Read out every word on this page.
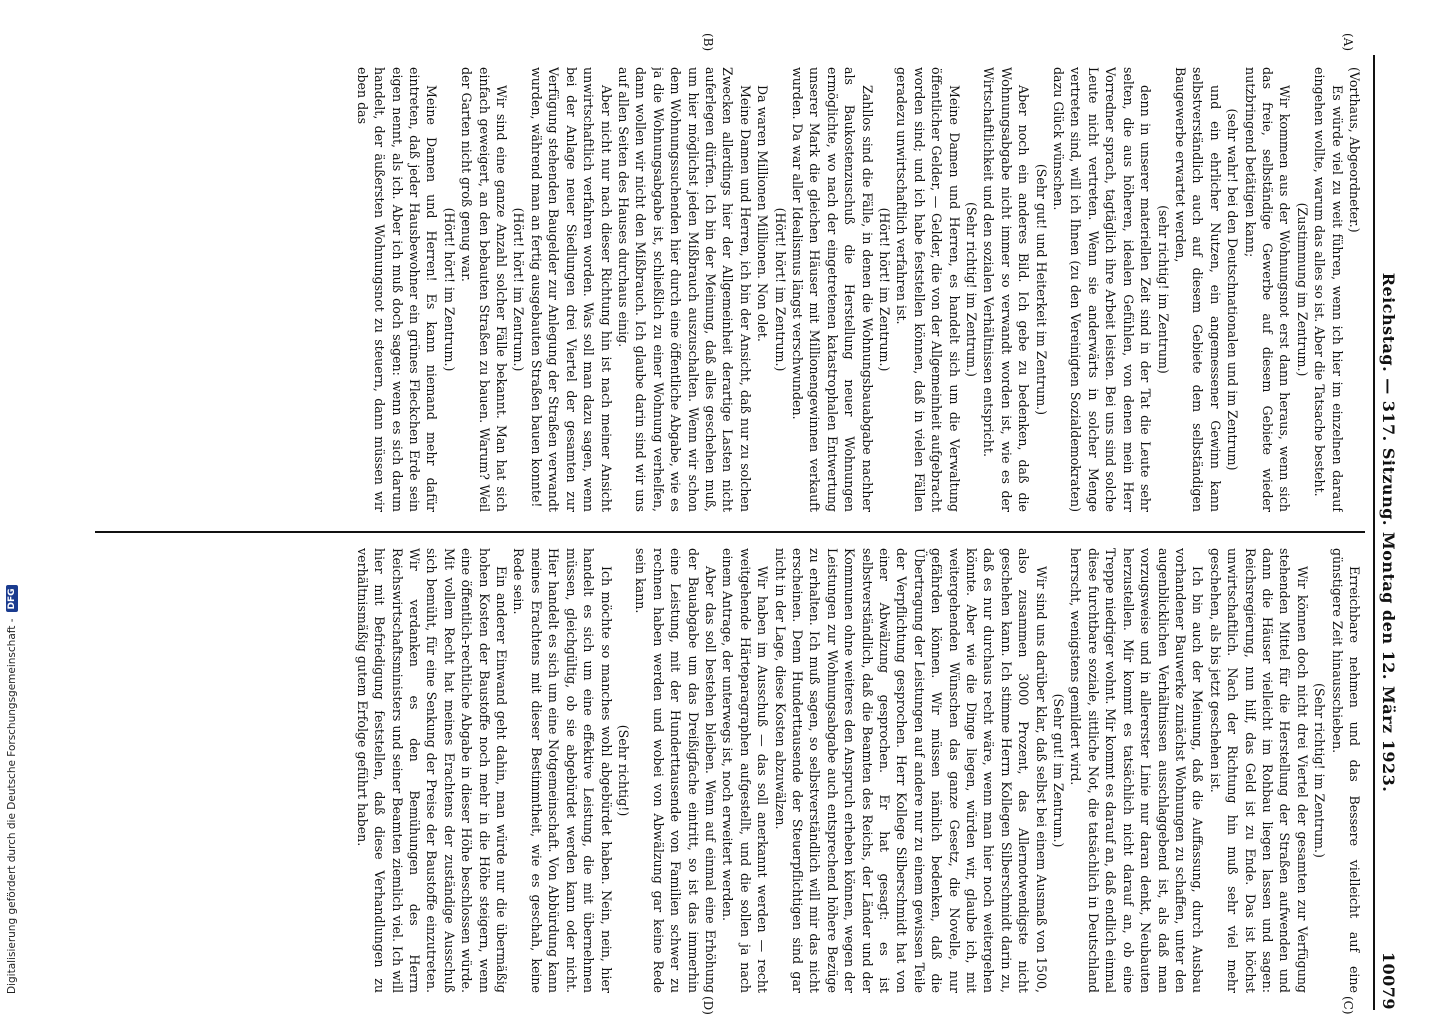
Reichstag. — 317. Sitzung. Montag den 12. März 1923.
10079
(A)
(B)
(C)
(D)

(Vorthaus, Abgeordneter.)

Es würde viel zu weit führen, wenn ich hier im einzelnen darauf eingehen wollte, warum das alles so ist. Aber die Tatsache besteht.

(Zustimmung im Zentrum.)

Wir kommen aus der Wohnungsnot erst dann heraus, wenn sich das freie, selbständige Gewerbe auf diesem Gebiete wieder nutzbringend betätigen kann;

(sehr wahr! bei den Deutschnationalen und im Zentrum)

und ein ehrlicher Nutzen, ein angemessener Gewinn kann selbstverständlich auch auf diesem Gebiete dem selbständigen Baugewerbe erwartet werden,

(sehr richtig! im Zentrum)

denn in unserer materiellen Zeit sind in der Tat die Leute sehr selten, die aus höheren, idealen Gefühlen, von denen mein Herr Vorredner sprach, tagtäglich ihre Arbeit leisten. Bei uns sind solche Leute nicht vertreten. Wenn sie anderwärts in solcher Menge vertreten sind, will ich Ihnen (zu den Vereinigten Sozialdemokraten) dazu Glück wünschen.

(Sehr gut! und Heiterkeit im Zentrum.)

Aber noch ein anderes Bild. Ich gebe zu bedenken, daß die Wohnungsabgabe nicht immer so verwandt worden ist, wie es der Wirtschaftlichkeit und den sozialen Verhältnissen entspricht.

(Sehr richtig! im Zentrum.)

Meine Damen und Herren, es handelt sich um die Verwaltung öffentlicher Gelder, — Gelder, die von der Allgemeinheit aufgebracht worden sind; und ich habe feststellen können, daß in vielen Fällen geradezu unwirtschaftlich verfahren ist.

(Hört! hört! im Zentrum.)

Zahllos sind die Fälle, in denen die Wohnungsbauabgabe nachher als Baukostenzuschuß die Herstellung neuer Wohnungen ermöglichte, wo nach der eingetretenen katastrophalen Entwertung unserer Mark die gleichen Häuser mit Millionengewinnen verkauft wurden. Da war aller Idealismus längst verschwunden.

(Hört! hört! im Zentrum.)

Da waren Millionen Millionen. Non olet.

Meine Damen und Herren, ich bin der Ansicht, daß nur zu solchen Zwecken allerdings hier der Allgemeinheit derartige Lasten nicht auferlegen dürfen. Ich bin der Meinung, daß alles geschehen muß, um hier möglichst jeden Mißbrauch auszuschalten. Wenn wir schon dem Wohnungssuchenden hier durch eine öffentliche Abgabe, wie es ja die Wohnungsabgabe ist, schließlich zu einer Wohnung verhelfen, dann wollen wir nicht den Mißbrauch. Ich glaube darin sind wir uns auf allen Seiten des Hauses durchaus einig.

Aber nicht nur nach dieser Richtung hin ist nach meiner Ansicht unwirtschaftlich verfahren worden. Was soll man dazu sagen, wenn bei der Anlage neuer Siedlungen drei Viertel der gesamten zur Verfügung stehenden Baugelder zur Anlegung der Straßen verwandt wurden, während man an fertig ausgebauten Straßen bauen konnte!

(Hört! hört! im Zentrum.)

Wir sind eine ganze Anzahl solcher Fälle bekannt. Man hat sich einfach geweigert, an den bebauten Straßen zu bauen. Warum? Weil der Garten nicht groß genug war.

(Hört! hört! im Zentrum.)

Meine Damen und Herren! Es kann niemand mehr dafür eintreten, daß jeder Hausbewohner ein grünes Fleckchen Erde sein eigen nennt, als ich. Aber ich muß doch sagen: wenn es sich darum handelt, der äußersten Wohnungsnot zu steuern, dann müssen wir eben das

Erreichbare nehmen und das Bessere vielleicht auf eine günstigere Zeit hinausschieben.

(Sehr richtig! im Zentrum.)

Wir können doch nicht drei Viertel der gesamten zur Verfügung stehenden Mittel für die Herstellung der Straßen aufwenden und dann die Häuser vielleicht im Rohbau liegen lassen und sagen: Reichsregierung, nun hilf, das Geld ist zu Ende. Das ist höchst unwirtschaftlich. Nach der Richtung hin muß sehr viel mehr geschehen, als bis jetzt geschehen ist.

Ich bin auch der Meinung, daß die Auffassung, durch Ausbau vorhandener Bauwerke zunächst Wohnungen zu schaffen, unter den augenblicklichen Verhältnissen ausschlaggebend ist, als daß man vorzugsweise und in allererster Linie nur daran denkt, Neubauten herzustellen. Mir kommt es tatsächlich nicht darauf an, ob eine Treppe niedriger wohnt. Mir kommt es darauf an, daß endlich einmal diese furchtbare soziale, sittliche Not, die tatsächlich in Deutschland herrscht, wenigstens gemildert wird.

(Sehr gut! im Zentrum.)

Wir sind uns darüber klar, daß selbst bei einem Ausmaß von 1500, also zusammen 3000 Prozent, das Allernotwendigste nicht geschehen kann. Ich stimme Herrn Kollegen Silberschmidt darin zu, daß es nur durchaus recht wäre, wenn man hier noch weitergehen könnte. Aber wie die Dinge liegen, würden wir, glaube ich, mit weitergehenden Wünschen das ganze Gesetz, die Novelle, nur gefährden können. Wir müssen nämlich bedenken, daß die Übertragung der Leistungen auf andere nur zu einem gewissen Teile der Verpflichtung gesprochen. Herr Kollege Silberschmidt hat von einer Abwälzung gesprochen. Er hat gesagt: es ist selbstverständlich, daß die Beamten des Reichs, der Länder und der Kommunen ohne weiteres den Anspruch erheben können, wegen der Leistungen zur Wohnungsabgabe auch entsprechend höhere Bezüge zu erhalten. Ich muß sagen, so selbstverständlich will mir das nicht erscheinen. Denn Hunderttausende der Steuerpflichtigen sind gar nicht in der Lage, diese Kosten abzuwälzen.

Wir haben im Ausschuß — das soll anerkannt werden — recht weitgehende Härteparagraphen aufgestellt, und die sollen ja nach einem Antrage, der unterwegs ist, noch erweitert werden.

Aber das soll bestehen bleiben. Wenn auf einmal eine Erhöhung der Bauabgabe um das Dreißigfache eintritt, so ist das immerhin eine Leistung, mit der Hunderttausende von Familien schwer zu rechnen haben werden und wobei von Abwälzung gar keine Rede sein kann.

(Sehr richtig!)

Ich möchte so manches wohl abgebürdet haben. Nein, nein, hier handelt es sich um eine effektive Leistung, die mit übernehmen müssen, gleichgültig, ob sie abgebürdet werden kann oder nicht. Hier handelt es sich um eine Notgemeinschaft. Von Abbürdung kann meines Erachtens mit dieser Bestimmtheit, wie es geschah, keine Rede sein.

Ein anderer Einwand geht dahin, man würde nur die übermäßig hohen Kosten der Baustoffe noch mehr in die Höhe steigern, wenn eine öffentlich-rechtliche Abgabe in dieser Höhe beschlossen würde. Mit vollem Recht hat meines Erachtens der zuständige Ausschuß sich bemüht, für eine Senkung der Preise der Baustoffe einzutreten. Wir verdanken es den Bemühungen des Herrn Reichswirtschaftsministers und seiner Beamten ziemlich viel. Ich will hier mit Befriedigung feststellen, daß diese Verhandlungen zu verhältnismäßig gutem Erfolge geführt haben.

Digitalisierung gefördert durch die Deutsche Forschungsgemeinschaft -
DFG
